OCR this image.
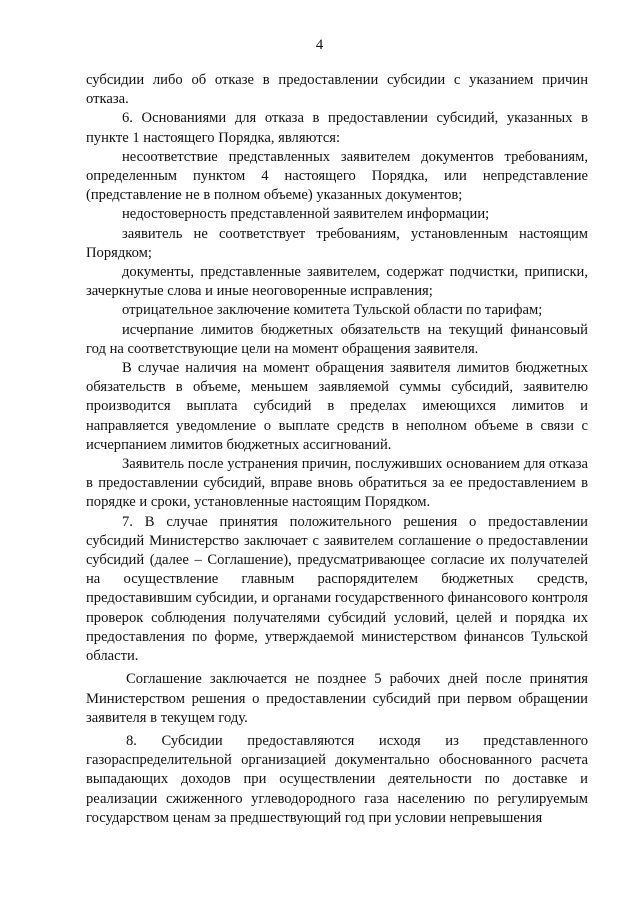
4

субсидии либо об отказе в предоставлении субсидии с указанием причин отказа.

6. Основаниями для отказа в предоставлении субсидий, указанных в пункте 1 настоящего Порядка, являются:

несоответствие представленных заявителем документов требованиям, определенным пунктом 4 настоящего Порядка, или непредставление (представление не в полном объеме) указанных документов;

недостоверность представленной заявителем информации;

заявитель не соответствует требованиям, установленным настоящим Порядком;

документы, представленные заявителем, содержат подчистки, приписки, зачеркнутые слова и иные неоговоренные исправления;

отрицательное заключение комитета Тульской области по тарифам;

исчерпание лимитов бюджетных обязательств на текущий финансовый год на соответствующие цели на момент обращения заявителя.

В случае наличия на момент обращения заявителя лимитов бюджетных обязательств в объеме, меньшем заявляемой суммы субсидий, заявителю производится выплата субсидий в пределах имеющихся лимитов и направляется уведомление о выплате средств в неполном объеме в связи с исчерпанием лимитов бюджетных ассигнований.

Заявитель после устранения причин, послуживших основанием для отказа в предоставлении субсидий, вправе вновь обратиться за ее предоставлением в порядке и сроки, установленные настоящим Порядком.

7. В случае принятия положительного решения о предоставлении субсидий Министерство заключает с заявителем соглашение о предоставлении субсидий (далее – Соглашение), предусматривающее согласие их получателей на осуществление главным распорядителем бюджетных средств, предоставившим субсидии, и органами государственного финансового контроля проверок соблюдения получателями субсидий условий, целей и порядка их предоставления по форме, утверждаемой министерством финансов Тульской области.

Соглашение заключается не позднее 5 рабочих дней после принятия Министерством решения о предоставлении субсидий при первом обращении заявителя в текущем году.

8. Субсидии предоставляются исходя из представленного газораспределительной организацией документально обоснованного расчета выпадающих доходов при осуществлении деятельности по доставке и реализации сжиженного углеводородного газа населению по регулируемым государством ценам за предшествующий год при условии непревышения
